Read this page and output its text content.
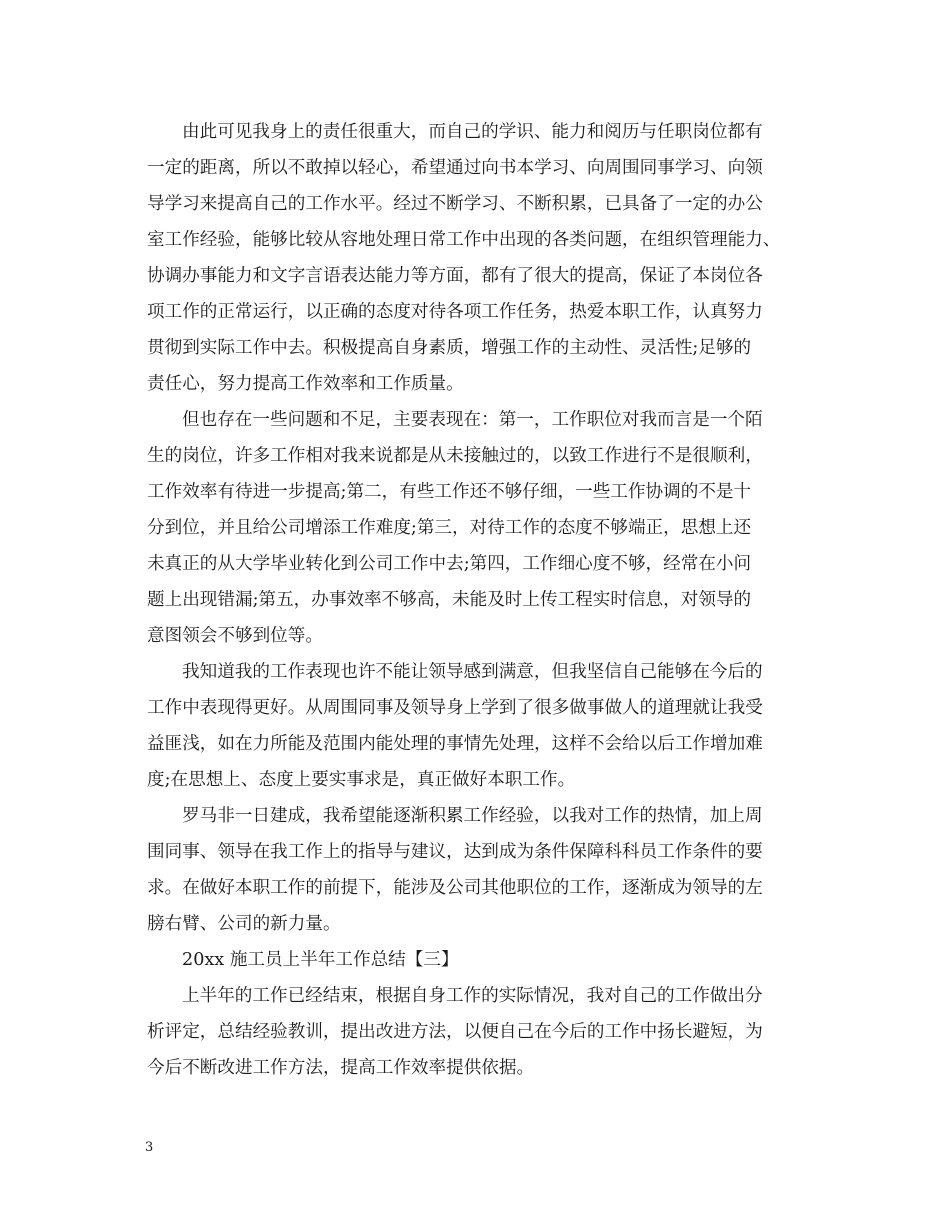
由此可见我身上的责任很重大，而自己的学识、能力和阅历与任职岗位都有
一定的距离，所以不敢掉以轻心，希望通过向书本学习、向周围同事学习、向领
导学习来提高自己的工作水平。经过不断学习、不断积累，已具备了一定的办公
室工作经验，能够比较从容地处理日常工作中出现的各类问题，在组织管理能力、
协调办事能力和文字言语表达能力等方面，都有了很大的提高，保证了本岗位各
项工作的正常运行，以正确的态度对待各项工作任务，热爱本职工作，认真努力
贯彻到实际工作中去。积极提高自身素质，增强工作的主动性、灵活性;足够的
责任心，努力提高工作效率和工作质量。
但也存在一些问题和不足，主要表现在：第一，工作职位对我而言是一个陌
生的岗位，许多工作相对我来说都是从未接触过的，以致工作进行不是很顺利，
工作效率有待进一步提高;第二，有些工作还不够仔细，一些工作协调的不是十
分到位，并且给公司增添工作难度;第三，对待工作的态度不够端正，思想上还
未真正的从大学毕业转化到公司工作中去;第四，工作细心度不够，经常在小问
题上出现错漏;第五，办事效率不够高，未能及时上传工程实时信息，对领导的
意图领会不够到位等。
我知道我的工作表现也许不能让领导感到满意，但我坚信自己能够在今后的
工作中表现得更好。从周围同事及领导身上学到了很多做事做人的道理就让我受
益匪浅，如在力所能及范围内能处理的事情先处理，这样不会给以后工作增加难
度;在思想上、态度上要实事求是，真正做好本职工作。
罗马非一日建成，我希望能逐渐积累工作经验，以我对工作的热情，加上周
围同事、领导在我工作上的指导与建议，达到成为条件保障科科员工作条件的要
求。在做好本职工作的前提下，能涉及公司其他职位的工作，逐渐成为领导的左
膀右臂、公司的新力量。
20xx 施工员上半年工作总结【三】
上半年的工作已经结束，根据自身工作的实际情况，我对自己的工作做出分
析评定，总结经验教训，提出改进方法，以便自己在今后的工作中扬长避短，为
今后不断改进工作方法，提高工作效率提供依据。
3
